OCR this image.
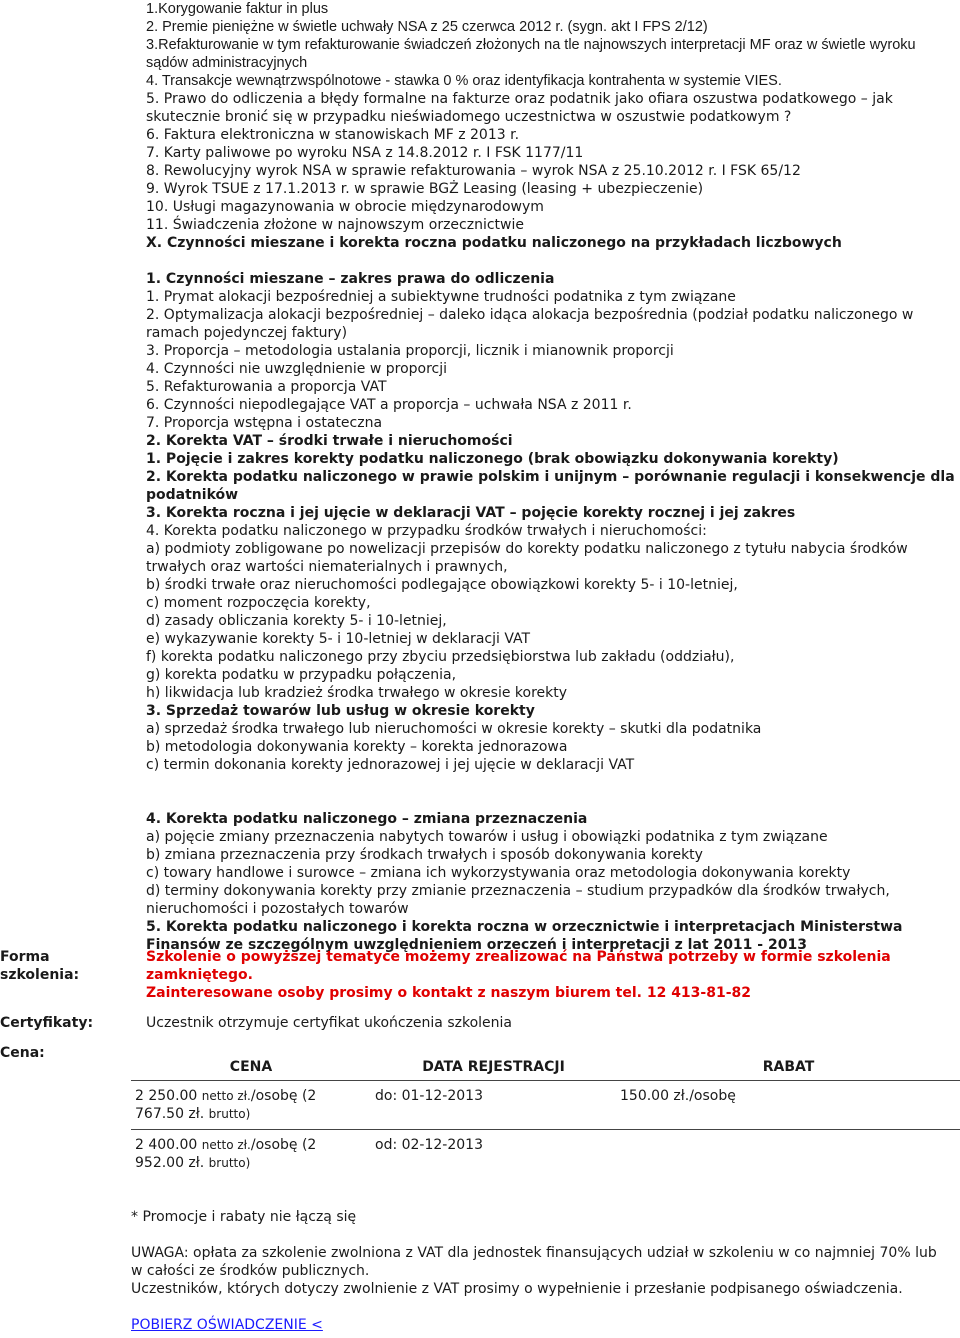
1.Korygowanie faktur in plus
2. Premie pieniężne w świetle uchwały NSA z 25 czerwca 2012 r. (sygn. akt I FPS 2/12)
3.Refakturowanie w tym refakturowanie świadczeń złożonych na tle najnowszych interpretacji MF oraz w świetle wyroku sądów administracyjnych
4. Transakcje wewnątrzwspólnotowe - stawka 0 % oraz identyfikacja kontrahenta w systemie VIES.
5. Prawo do odliczenia a błędy formalne na fakturze oraz podatnik jako ofiara oszustwa podatkowego – jak skutecznie bronić się w przypadku nieświadomego uczestnictwa w oszustwie podatkowym ?
6. Faktura elektroniczna w stanowiskach MF z 2013 r.
7. Karty paliwowe po wyroku NSA z 14.8.2012 r. I FSK 1177/11
8. Rewolucyjny wyrok NSA w sprawie refakturowania – wyrok NSA z 25.10.2012 r. I FSK 65/12
9. Wyrok TSUE z 17.1.2013 r. w sprawie BGŻ Leasing (leasing + ubezpieczenie)
10. Usługi magazynowania w obrocie międzynarodowym
11. Świadczenia złożone w najnowszym orzecznictwie
X. Czynności mieszane i korekta roczna podatku naliczonego na przykładach liczbowych
1. Czynności mieszane – zakres prawa do odliczenia
1. Prymat alokacji bezpośredniej a subiektywne trudności podatnika z tym związane
2. Optymalizacja alokacji bezpośredniej – daleko idąca alokacja bezpośrednia (podział podatku naliczonego w ramach pojedynczej faktury)
3. Proporcja – metodologia ustalania proporcji, licznik i mianownik proporcji
4. Czynności nie uwzględnienie w proporcji
5. Refakturowania a proporcja VAT
6. Czynności niepodlegające VAT a proporcja – uchwała NSA z 2011 r.
7. Proporcja wstępna i ostateczna
2. Korekta VAT – środki trwałe i nieruchomości
1. Pojęcie i zakres korekty podatku naliczonego (brak obowiązku dokonywania korekty)
2. Korekta podatku naliczonego w prawie polskim i unijnym – porównanie regulacji i konsekwencje dla podatników
3. Korekta roczna i jej ujęcie w deklaracji VAT – pojęcie korekty rocznej i jej zakres
4. Korekta podatku naliczonego w przypadku środków trwałych i nieruchomości:
a) podmioty zobligowane po nowelizacji przepisów do korekty podatku naliczonego z tytułu nabycia środków trwałych oraz wartości niematerialnych i prawnych,
b) środki trwałe oraz nieruchomości podlegające obowiązkowi korekty 5- i 10-letniej,
c) moment rozpoczęcia korekty,
d) zasady obliczania korekty 5- i 10-letniej,
e) wykazywanie korekty 5- i 10-letniej w deklaracji VAT
f) korekta podatku naliczonego przy zbyciu przedsiębiorstwa lub zakładu (oddziału),
g) korekta podatku w przypadku połączenia,
h) likwidacja lub kradzież środka trwałego w okresie korekty
3. Sprzedaż towarów lub usług w okresie korekty
a) sprzedaż środka trwałego lub nieruchomości w okresie korekty – skutki dla podatnika
b) metodologia dokonywania korekty – korekta jednorazowa
c) termin dokonania korekty jednorazowej i jej ujęcie w deklaracji VAT
4. Korekta podatku naliczonego – zmiana przeznaczenia
a) pojęcie zmiany przeznaczenia nabytych towarów i usług i obowiązki podatnika z tym związane
b) zmiana przeznaczenia przy środkach trwałych i sposób dokonywania korekty
c) towary handlowe i surowce – zmiana ich wykorzystywania oraz metodologia dokonywania korekty
d) terminy dokonywania korekty przy zmianie przeznaczenia – studium przypadków dla środków trwałych, nieruchomości i pozostałych towarów
5. Korekta podatku naliczonego i korekta roczna w orzecznictwie i interpretacjach Ministerstwa Finansów ze szczególnym uwzględnieniem orzeczeń i interpretacji z lat 2011 - 2013
Forma
szkolenia:
Szkolenie o powyższej tematyce możemy zrealizować na Państwa potrzeby w formie szkolenia zamkniętego.
Zainteresowane osoby prosimy o kontakt z naszym biurem tel. 12 413-81-82
Certyfikaty:	Uczestnik otrzymuje certyfikat ukończenia szkolenia
Cena:
CENA	DATA REJESTRACJI	RABAT
2 250.00 netto zł./osobę (2
767.50 zł. brutto)	do: 01-12-2013	150.00 zł./osobę
2 400.00 netto zł./osobę (2
952.00 zł. brutto)	od: 02-12-2013	
* Promocje i rabaty nie łączą się
UWAGA: opłata za szkolenie zwolniona z VAT dla jednostek finansujących udział w szkoleniu w co najmniej 70% lub w całości ze środków publicznych.
Uczestników, których dotyczy zwolnienie z VAT prosimy o wypełnienie i przesłanie podpisanego oświadczenia.
POBIERZ OŚWIADCZENIE <
